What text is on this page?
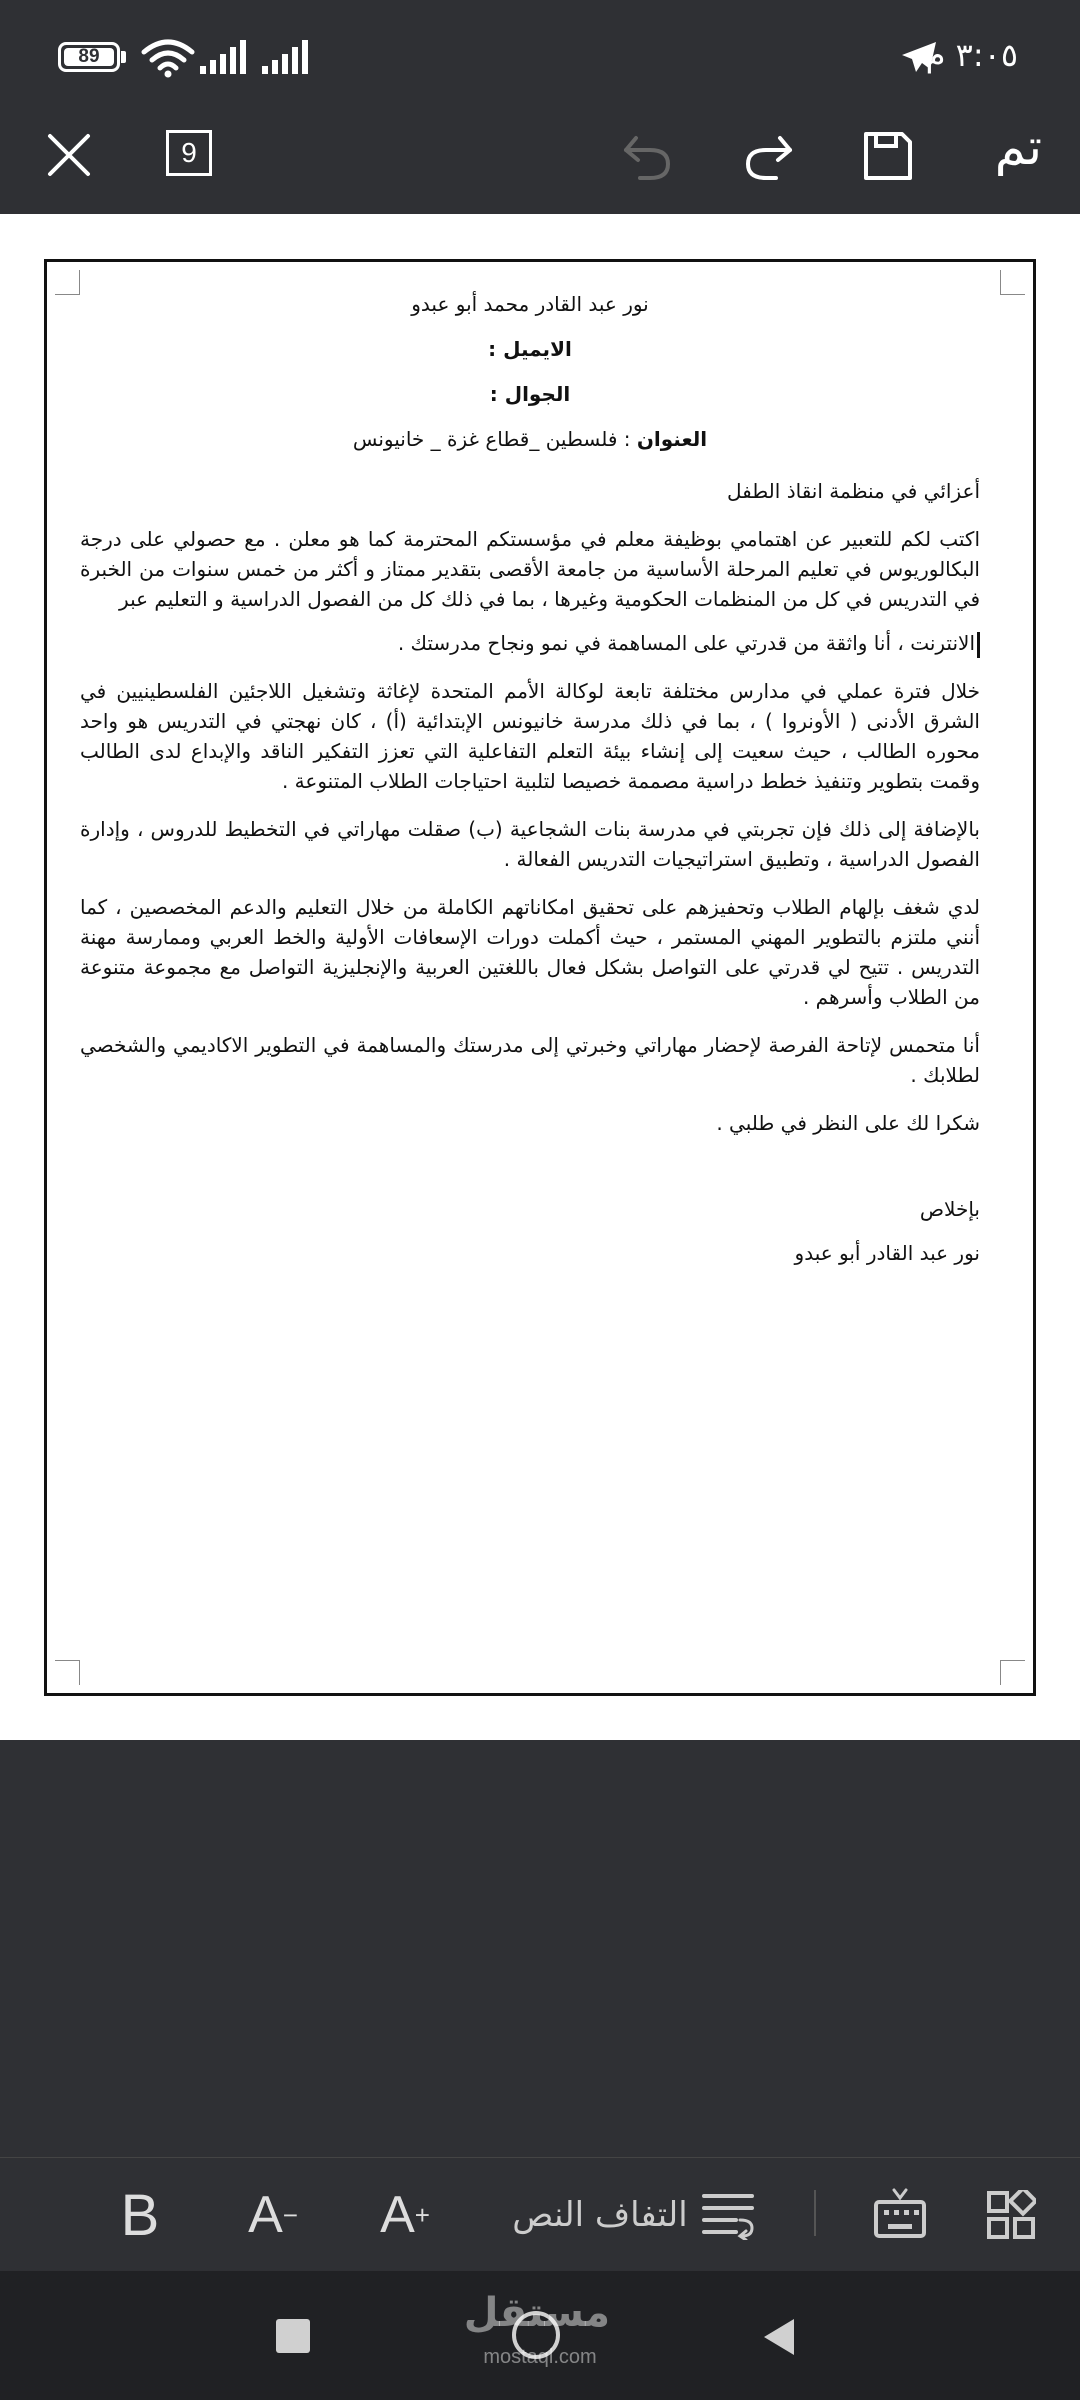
89	٣:٠٥ م
9	تم

نور عبد القادر محمد أبو عبدو

الايميل :

الجوال :

العنوان : فلسطين _قطاع غزة _ خانيونس

أعزائي في منظمة انقاذ الطفل

اكتب لكم للتعبير عن اهتمامي بوظيفة معلم في مؤسستكم المحترمة كما هو معلن . مع حصولي على درجة البكالوريوس في تعليم المرحلة الأساسية من جامعة الأقصى بتقدير ممتاز و أكثر من خمس سنوات من الخبرة في التدريس في كل من المنظمات الحكومية وغيرها ، بما في ذلك كل من الفصول الدراسية و التعليم عبر

الانترنت ، أنا واثقة من قدرتي على المساهمة في نمو ونجاح مدرستك .

خلال فترة عملي في مدارس مختلفة تابعة لوكالة الأمم المتحدة لإغاثة وتشغيل اللاجئين الفلسطينيين في الشرق الأدنى ( الأونروا ) ، بما في ذلك مدرسة خانيونس الإبتدائية (أ) ، كان نهجتي في التدريس هو واحد محوره الطالب ، حيث سعيت إلى إنشاء بيئة التعلم التفاعلية التي تعزز التفكير الناقد والإبداع لدى الطالب وقمت بتطوير وتنفيذ خطط دراسية مصممة خصيصا لتلبية احتياجات الطلاب المتنوعة .

بالإضافة إلى ذلك فإن تجربتي في مدرسة بنات الشجاعية (ب) صقلت مهاراتي في التخطيط للدروس ، وإدارة الفصول الدراسية ، وتطبيق استراتيجيات التدريس الفعالة .

لدي شغف بإلهام الطلاب وتحفيزهم على تحقيق امكاناتهم الكاملة من خلال التعليم والدعم المخصصين ، كما أنني ملتزم بالتطوير المهني المستمر ، حيث أكملت دورات الإسعافات الأولية والخط العربي وممارسة مهنة التدريس . تتيح لي قدرتي على التواصل بشكل فعال باللغتين العربية والإنجليزية التواصل مع مجموعة متنوعة من الطلاب وأسرهم .

أنا متحمس لإتاحة الفرصة لإحضار مهاراتي وخبرتي إلى مدرستك والمساهمة في التطوير الاكاديمي والشخصي لطلابك .

شكرا لك على النظر في طلبي .

بإخلاص

نور عبد القادر أبو عبدو

B A − A + التفاف النص
مستقل
mostaql.com
